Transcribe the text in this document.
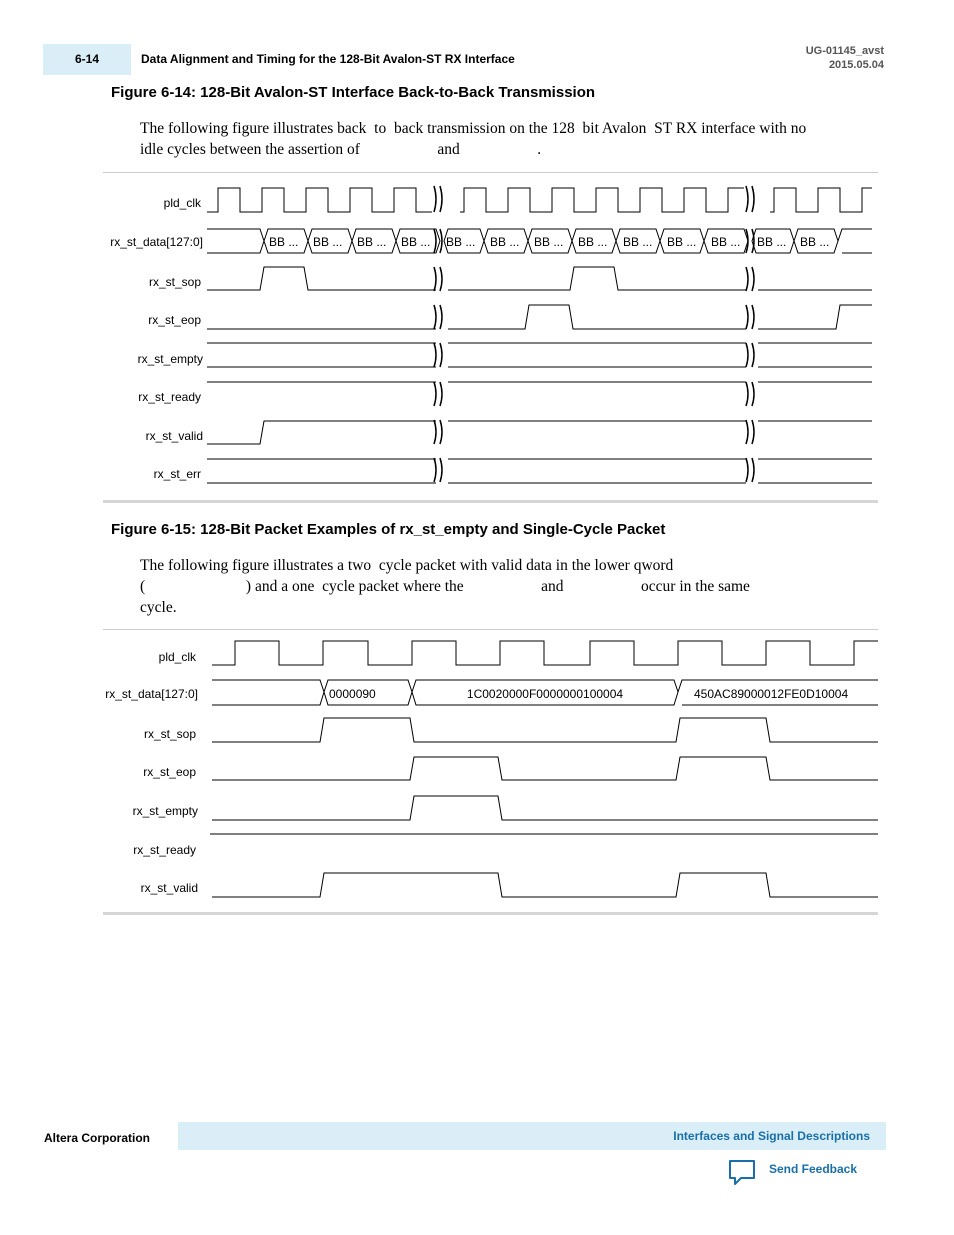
6-14	Data Alignment and Timing for the 128-Bit Avalon-ST RX Interface
UG-01145_avst
2015.05.04
Figure 6-14: 128-Bit Avalon-ST Interface Back-to-Back Transmission
The following figure illustrates back  to  back transmission on the 128  bit Avalon  ST RX interface with no
idle cycles between the assertion of                    and                    .
pld_clk
rx_st_data[127:0]
rx_st_sop
rx_st_eop
rx_st_empty
rx_st_ready
rx_st_valid
rx_st_err
BB ... BB ... BB ... BB ... BB ... BB ... BB ... BB ... BB ... BB ... BB ... BB ... BB ...
Figure 6-15: 128-Bit Packet Examples of rx_st_empty and Single-Cycle Packet
The following figure illustrates a two  cycle packet with valid data in the lower qword
(                          ) and a one  cycle packet where the                    and                    occur in the same
cycle.
pld_clk
rx_st_data[127:0]
rx_st_sop
rx_st_eop
rx_st_empty
rx_st_ready
rx_st_valid
0000090	1C0020000F0000000100004	450AC89000012FE0D10004
Altera Corporation	Interfaces and Signal Descriptions
Send Feedback
